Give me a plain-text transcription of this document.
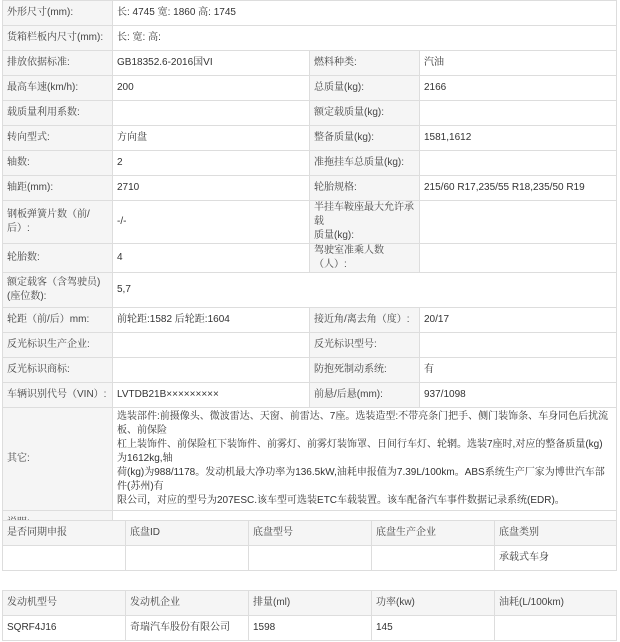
外形尺寸(mm):	长: 4745 宽: 1860 高: 1745		
货箱栏板内尺寸(mm):	长: 宽: 高:		
排放依据标准:	GB18352.6-2016国VI	燃料种类:	汽油
最高车速(km/h):	200	总质量(kg):	2166
载质量利用系数:		额定载质量(kg):	
转向型式:	方向盘	整备质量(kg):	1581,1612
轴数:	2	准拖挂车总质量(kg):	
轴距(mm):	2710	轮胎规格:	215/60 R17,235/55 R18,235/50 R19
钢板弹簧片数（前/
后）:	-/-	半挂车鞍座最大允许承载
质量(kg):	
轮胎数:	4	驾驶室准乘人数（人）:	
额定载客（含驾驶员)
(座位数):	5,7		
轮距（前/后）mm:	前轮距:1582 后轮距:1604	接近角/离去角（度）:	20/17
反光标识生产企业:		反光标识型号:	
反光标识商标:		防抱死制动系统:	有
车辆识别代号（VIN）:	LVTDB21B×××××××××	前悬/后悬(mm):	937/1098
其它:	选装部件:前摄像头、微波雷达、天窗、前雷达、7座。选装造型:不带亮条门把手、侧门装饰条、车身同色后扰流板、前保险
杠上装饰件、前保险杠下装饰件、前雾灯、前雾灯装饰罩、日间行车灯、轮辋。选装7座时,对应的整备质量(kg)为1612kg,轴
荷(kg)为988/1178。发动机最大净功率为136.5kW,油耗申报值为7.39L/100km。ABS系统生产厂家为博世汽车部件(苏州)有
限公司，对应的型号为207ESC.该车型可选装ETC车载装置。该车配备汽车事件数据记录系统(EDR)。		

是否同期申报	底盘ID	底盘型号	底盘生产企业	底盘类别
				承载式车身
发动机型号	发动机企业	排量(ml)	功率(kw)	油耗(L/100km)
SQRF4J16	奇瑞汽车股份有限公司	1598	145	
